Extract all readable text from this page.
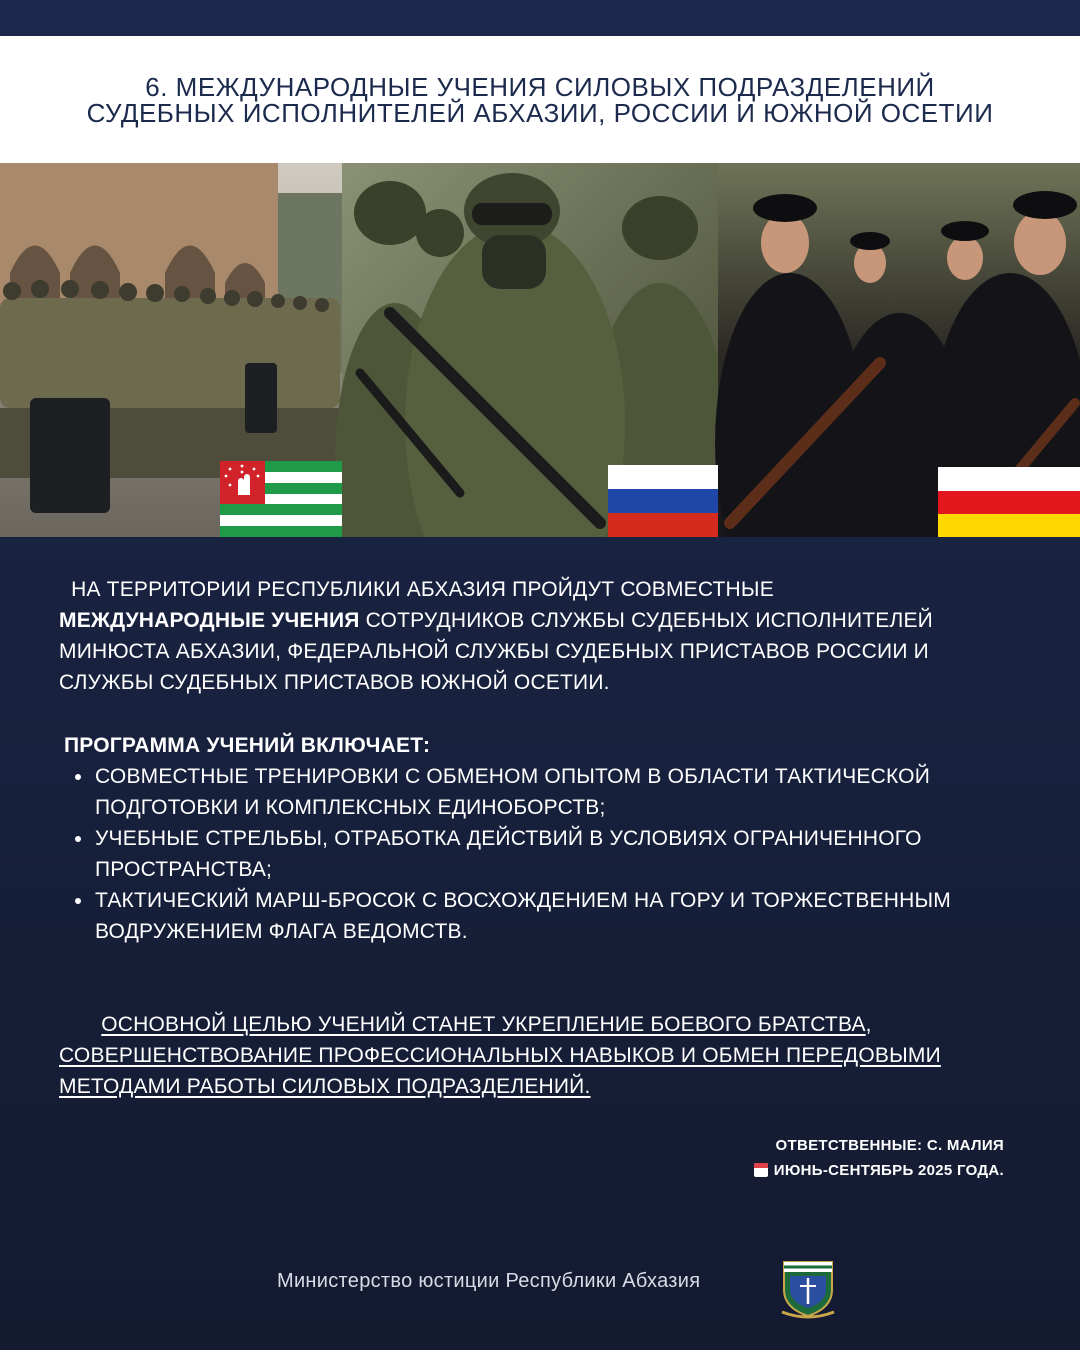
6. МЕЖДУНАРОДНЫЕ УЧЕНИЯ СИЛОВЫХ ПОДРАЗДЕЛЕНИЙ
СУДЕБНЫХ ИСПОЛНИТЕЛЕЙ АБХАЗИИ, РОССИИ И ЮЖНОЙ ОСЕТИИ
НА ТЕРРИТОРИИ РЕСПУБЛИКИ АБХАЗИЯ ПРОЙДУТ СОВМЕСТНЫЕ
МЕЖДУНАРОДНЫЕ УЧЕНИЯ СОТРУДНИКОВ СЛУЖБЫ СУДЕБНЫХ ИСПОЛНИТЕЛЕЙ
МИНЮСТА АБХАЗИИ, ФЕДЕРАЛЬНОЙ СЛУЖБЫ СУДЕБНЫХ ПРИСТАВОВ РОССИИ И
СЛУЖБЫ СУДЕБНЫХ ПРИСТАВОВ ЮЖНОЙ ОСЕТИИ.
ПРОГРАММА УЧЕНИЙ ВКЛЮЧАЕТ:
СОВМЕСТНЫЕ ТРЕНИРОВКИ С ОБМЕНОМ ОПЫТОМ В ОБЛАСТИ ТАКТИЧЕСКОЙ
ПОДГОТОВКИ И КОМПЛЕКСНЫХ ЕДИНОБОРСТВ;
УЧЕБНЫЕ СТРЕЛЬБЫ, ОТРАБОТКА ДЕЙСТВИЙ В УСЛОВИЯХ ОГРАНИЧЕННОГО
ПРОСТРАНСТВА;
ТАКТИЧЕСКИЙ МАРШ-БРОСОК С ВОСХОЖДЕНИЕМ НА ГОРУ И ТОРЖЕСТВЕННЫМ
ВОДРУЖЕНИЕМ ФЛАГА ВЕДОМСТВ.
ОСНОВНОЙ ЦЕЛЬЮ УЧЕНИЙ СТАНЕТ УКРЕПЛЕНИЕ БОЕВОГО БРАТСТВА,
СОВЕРШЕНСТВОВАНИЕ ПРОФЕССИОНАЛЬНЫХ НАВЫКОВ И ОБМЕН ПЕРЕДОВЫМИ
МЕТОДАМИ РАБОТЫ СИЛОВЫХ ПОДРАЗДЕЛЕНИЙ.
ОТВЕТСТВЕННЫЕ: С. МАЛИЯ
ИЮНЬ-СЕНТЯБРЬ 2025 ГОДА.
Министерство юстиции Республики Абхазия
